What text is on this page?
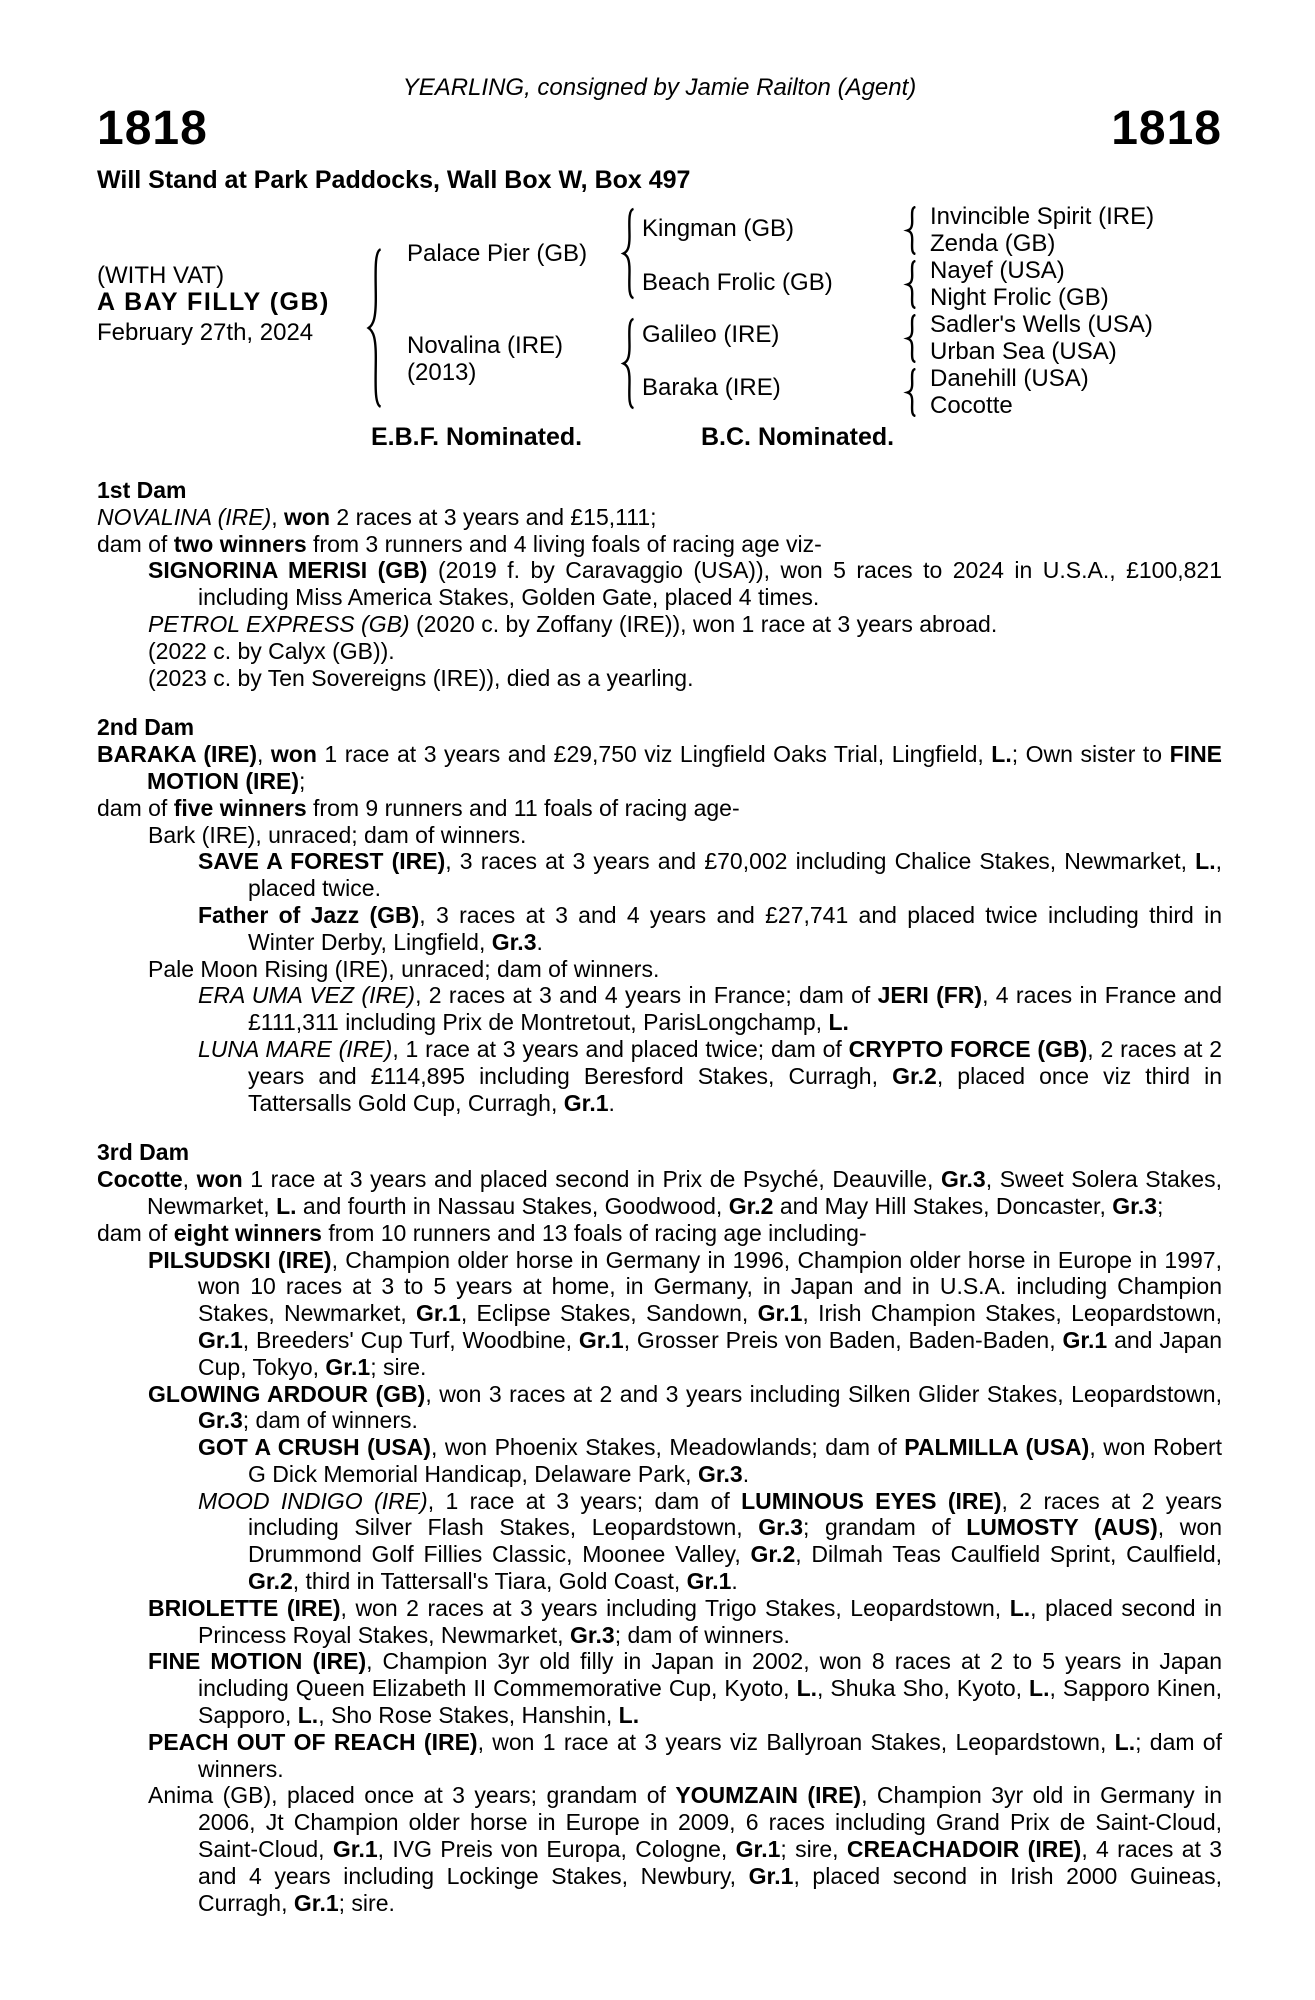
YEARLING, consigned by Jamie Railton (Agent)
1818	1818
Will Stand at Park Paddocks, Wall Box W, Box 497
(WITH VAT)
A BAY FILLY (GB)
February 27th, 2024
Palace Pier (GB)
Novalina (IRE)
(2013)
Kingman (GB)
Beach Frolic (GB)
Galileo (IRE)
Baraka (IRE)
Invincible Spirit (IRE)
Zenda (GB)
Nayef (USA)
Night Frolic (GB)
Sadler's Wells (USA)
Urban Sea (USA)
Danehill (USA)
Cocotte
E.B.F. Nominated.	B.C. Nominated.
1st Dam
NOVALINA (IRE), won 2 races at 3 years and £15,111;
dam of two winners from 3 runners and 4 living foals of racing age viz-
SIGNORINA MERISI (GB) (2019 f. by Caravaggio (USA)), won 5 races to 2024 in U.S.A., £100,821 including Miss America Stakes, Golden Gate, placed 4 times.
PETROL EXPRESS (GB) (2020 c. by Zoffany (IRE)), won 1 race at 3 years abroad.
(2022 c. by Calyx (GB)).
(2023 c. by Ten Sovereigns (IRE)), died as a yearling.
2nd Dam
BARAKA (IRE), won 1 race at 3 years and £29,750 viz Lingfield Oaks Trial, Lingfield, L.; Own sister to FINE MOTION (IRE);
dam of five winners from 9 runners and 11 foals of racing age-
Bark (IRE), unraced; dam of winners.
SAVE A FOREST (IRE), 3 races at 3 years and £70,002 including Chalice Stakes, Newmarket, L., placed twice.
Father of Jazz (GB), 3 races at 3 and 4 years and £27,741 and placed twice including third in Winter Derby, Lingfield, Gr.3.
Pale Moon Rising (IRE), unraced; dam of winners.
ERA UMA VEZ (IRE), 2 races at 3 and 4 years in France; dam of JERI (FR), 4 races in France and £111,311 including Prix de Montretout, ParisLongchamp, L.
LUNA MARE (IRE), 1 race at 3 years and placed twice; dam of CRYPTO FORCE (GB), 2 races at 2 years and £114,895 including Beresford Stakes, Curragh, Gr.2, placed once viz third in Tattersalls Gold Cup, Curragh, Gr.1.
3rd Dam
Cocotte, won 1 race at 3 years and placed second in Prix de Psyché, Deauville, Gr.3, Sweet Solera Stakes, Newmarket, L. and fourth in Nassau Stakes, Goodwood, Gr.2 and May Hill Stakes, Doncaster, Gr.3;
dam of eight winners from 10 runners and 13 foals of racing age including-
PILSUDSKI (IRE), Champion older horse in Germany in 1996, Champion older horse in Europe in 1997, won 10 races at 3 to 5 years at home, in Germany, in Japan and in U.S.A. including Champion Stakes, Newmarket, Gr.1, Eclipse Stakes, Sandown, Gr.1, Irish Champion Stakes, Leopardstown, Gr.1, Breeders' Cup Turf, Woodbine, Gr.1, Grosser Preis von Baden, Baden-Baden, Gr.1 and Japan Cup, Tokyo, Gr.1; sire.
GLOWING ARDOUR (GB), won 3 races at 2 and 3 years including Silken Glider Stakes, Leopardstown, Gr.3; dam of winners.
GOT A CRUSH (USA), won Phoenix Stakes, Meadowlands; dam of PALMILLA (USA), won Robert G Dick Memorial Handicap, Delaware Park, Gr.3.
MOOD INDIGO (IRE), 1 race at 3 years; dam of LUMINOUS EYES (IRE), 2 races at 2 years including Silver Flash Stakes, Leopardstown, Gr.3; grandam of LUMOSTY (AUS), won Drummond Golf Fillies Classic, Moonee Valley, Gr.2, Dilmah Teas Caulfield Sprint, Caulfield, Gr.2, third in Tattersall's Tiara, Gold Coast, Gr.1.
BRIOLETTE (IRE), won 2 races at 3 years including Trigo Stakes, Leopardstown, L., placed second in Princess Royal Stakes, Newmarket, Gr.3; dam of winners.
FINE MOTION (IRE), Champion 3yr old filly in Japan in 2002, won 8 races at 2 to 5 years in Japan including Queen Elizabeth II Commemorative Cup, Kyoto, L., Shuka Sho, Kyoto, L., Sapporo Kinen, Sapporo, L., Sho Rose Stakes, Hanshin, L.
PEACH OUT OF REACH (IRE), won 1 race at 3 years viz Ballyroan Stakes, Leopardstown, L.; dam of winners.
Anima (GB), placed once at 3 years; grandam of YOUMZAIN (IRE), Champion 3yr old in Germany in 2006, Jt Champion older horse in Europe in 2009, 6 races including Grand Prix de Saint-Cloud, Saint-Cloud, Gr.1, IVG Preis von Europa, Cologne, Gr.1; sire, CREACHADOIR (IRE), 4 races at 3 and 4 years including Lockinge Stakes, Newbury, Gr.1, placed second in Irish 2000 Guineas, Curragh, Gr.1; sire.
